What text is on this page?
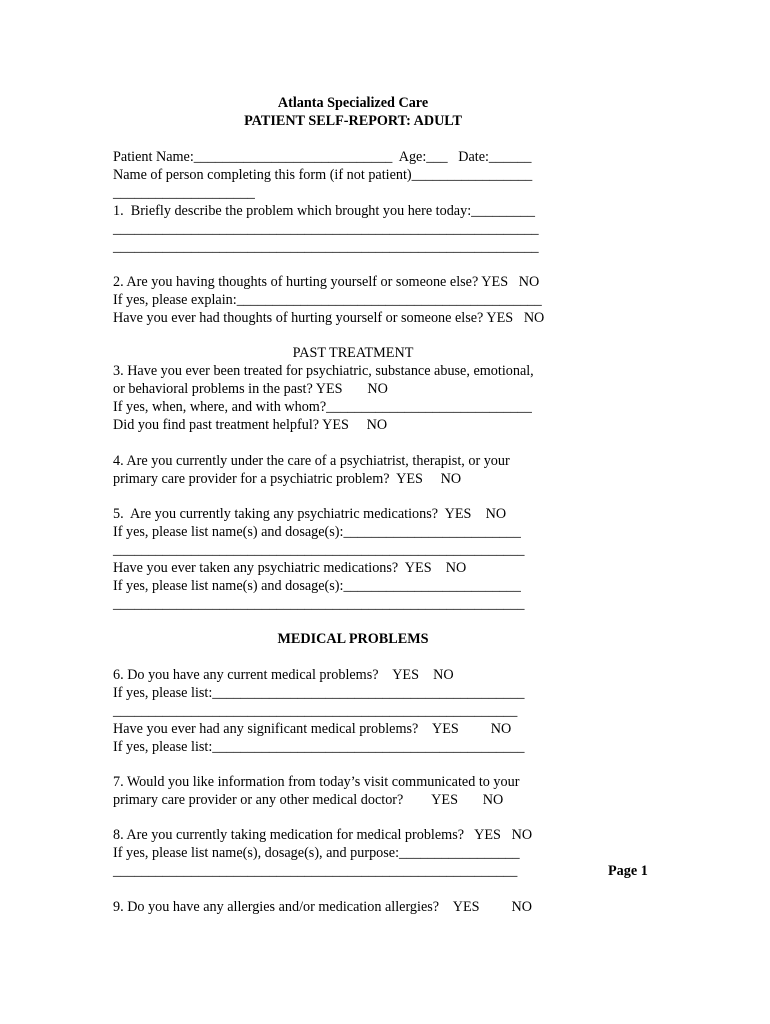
Atlanta Specialized Care
PATIENT SELF-REPORT: ADULT
Patient Name:____________________________  Age:___   Date:______
Name of person completing this form (if not patient)_________________
____________________
1.  Briefly describe the problem which brought you here today:_________
____________________________________________________________
____________________________________________________________
2. Are you having thoughts of hurting yourself or someone else? YES   NO
If yes, please explain:___________________________________________
Have you ever had thoughts of hurting yourself or someone else? YES   NO
PAST TREATMENT
3. Have you ever been treated for psychiatric, substance abuse, emotional,
or behavioral problems in the past? YES       NO
If yes, when, where, and with whom?_____________________________
Did you find past treatment helpful? YES     NO
4. Are you currently under the care of a psychiatrist, therapist, or your
primary care provider for a psychiatric problem?  YES     NO
5.  Are you currently taking any psychiatric medications?  YES    NO
If yes, please list name(s) and dosage(s):_________________________
__________________________________________________________
Have you ever taken any psychiatric medications?  YES    NO
If yes, please list name(s) and dosage(s):_________________________
__________________________________________________________
MEDICAL PROBLEMS
6. Do you have any current medical problems?    YES    NO
If yes, please list:____________________________________________
_________________________________________________________
Have you ever had any significant medical problems?    YES         NO
If yes, please list:____________________________________________
7. Would you like information from today’s visit communicated to your
primary care provider or any other medical doctor?        YES       NO
8. Are you currently taking medication for medical problems?   YES   NO
If yes, please list name(s), dosage(s), and purpose:_________________
_________________________________________________________	Page 1
9. Do you have any allergies and/or medication allergies?    YES         NO
